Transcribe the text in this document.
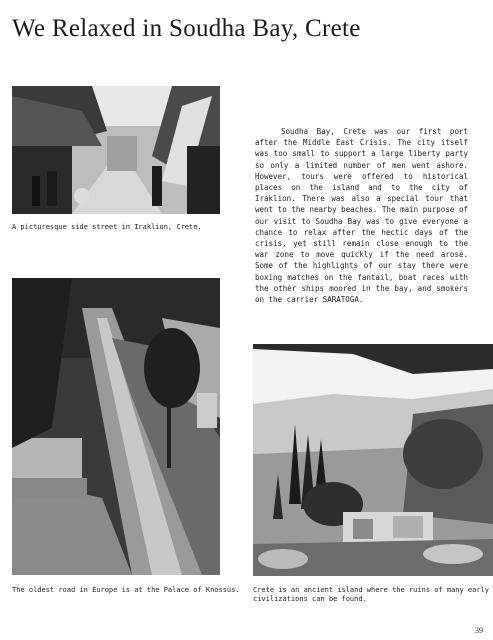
We Relaxed in Soudha Bay, Crete
A picturesque side street in Iraklion, Crete.
Soudha Bay, Crete was our first port after the Middle East Crisis. The city itself was too small to support a large liberty party so only a limited number of men went ashore. However, tours were offered to historical places on the island and to the city of Iraklion. There was also a special tour that went to the nearby beaches. The main purpose of our visit to Soudha Bay was to give everyone a chance to relax after the hectic days of the crisis, yet still remain close enough to the war zone to move quickly if the need arose. Some of the highlights of our stay there were boxing matches on the fantail, boat races with the other ships moored in the bay, and smokers on the carrier SARATOGA.
The oldest road in Europe is at the Palace of Knossus.	Crete is an ancient island where the ruins of many early civilizations can be found.
39
